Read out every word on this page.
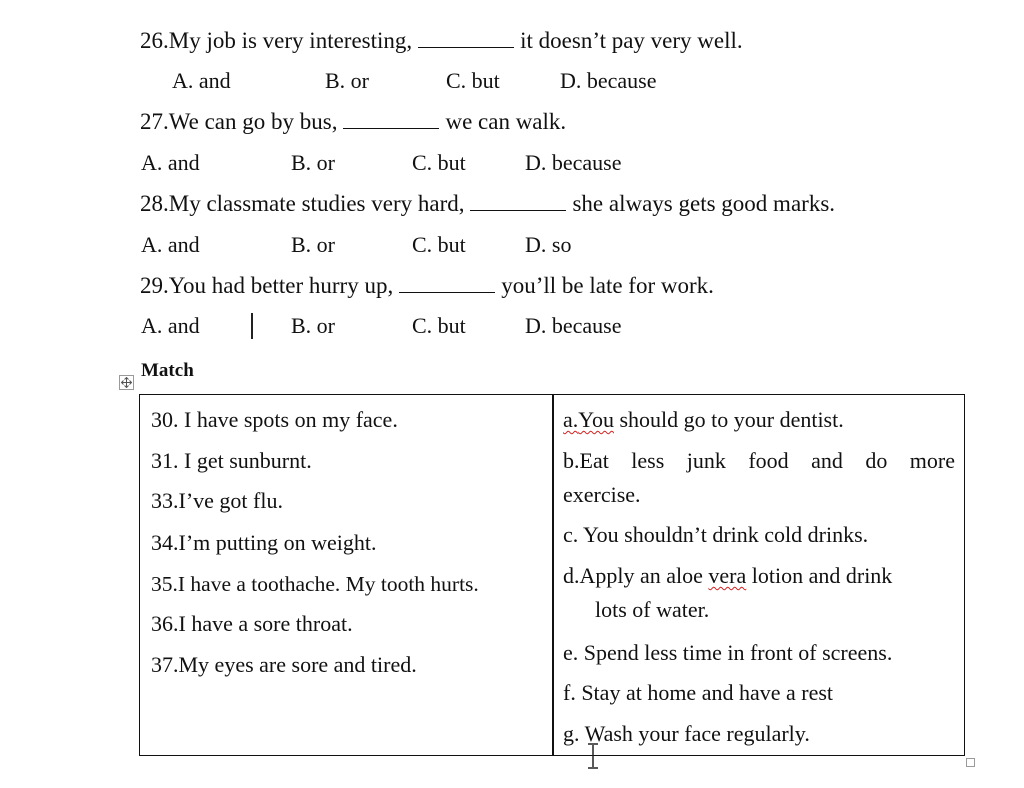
26.My job is very interesting,	it doesn’t pay very well.
A. and	B. or	C. but	D. because
27.We can go by bus,	we can walk.
A. and	B. or	C. but	D. because
28.My classmate studies very hard,	she always gets good marks.
A. and	B. or	C. but	D. so
29.You had better hurry up,	you’ll be late for work.
A. and	B. or	C. but	D. because
Match
30. I have spots on my face.
31. I get sunburnt.
33.I’ve got flu.
34.I’m putting on weight.
35.I have a toothache. My tooth hurts.
36.I have a sore throat.
37.My eyes are sore and tired.
a.You should go to your dentist.
b.Eat less junk food and do more
exercise.
c. You shouldn’t drink cold drinks.
d.Apply an aloe vera lotion and drink
lots of water.
e. Spend less time in front of screens.
f. Stay at home and have a rest
g. Wash your face regularly.
